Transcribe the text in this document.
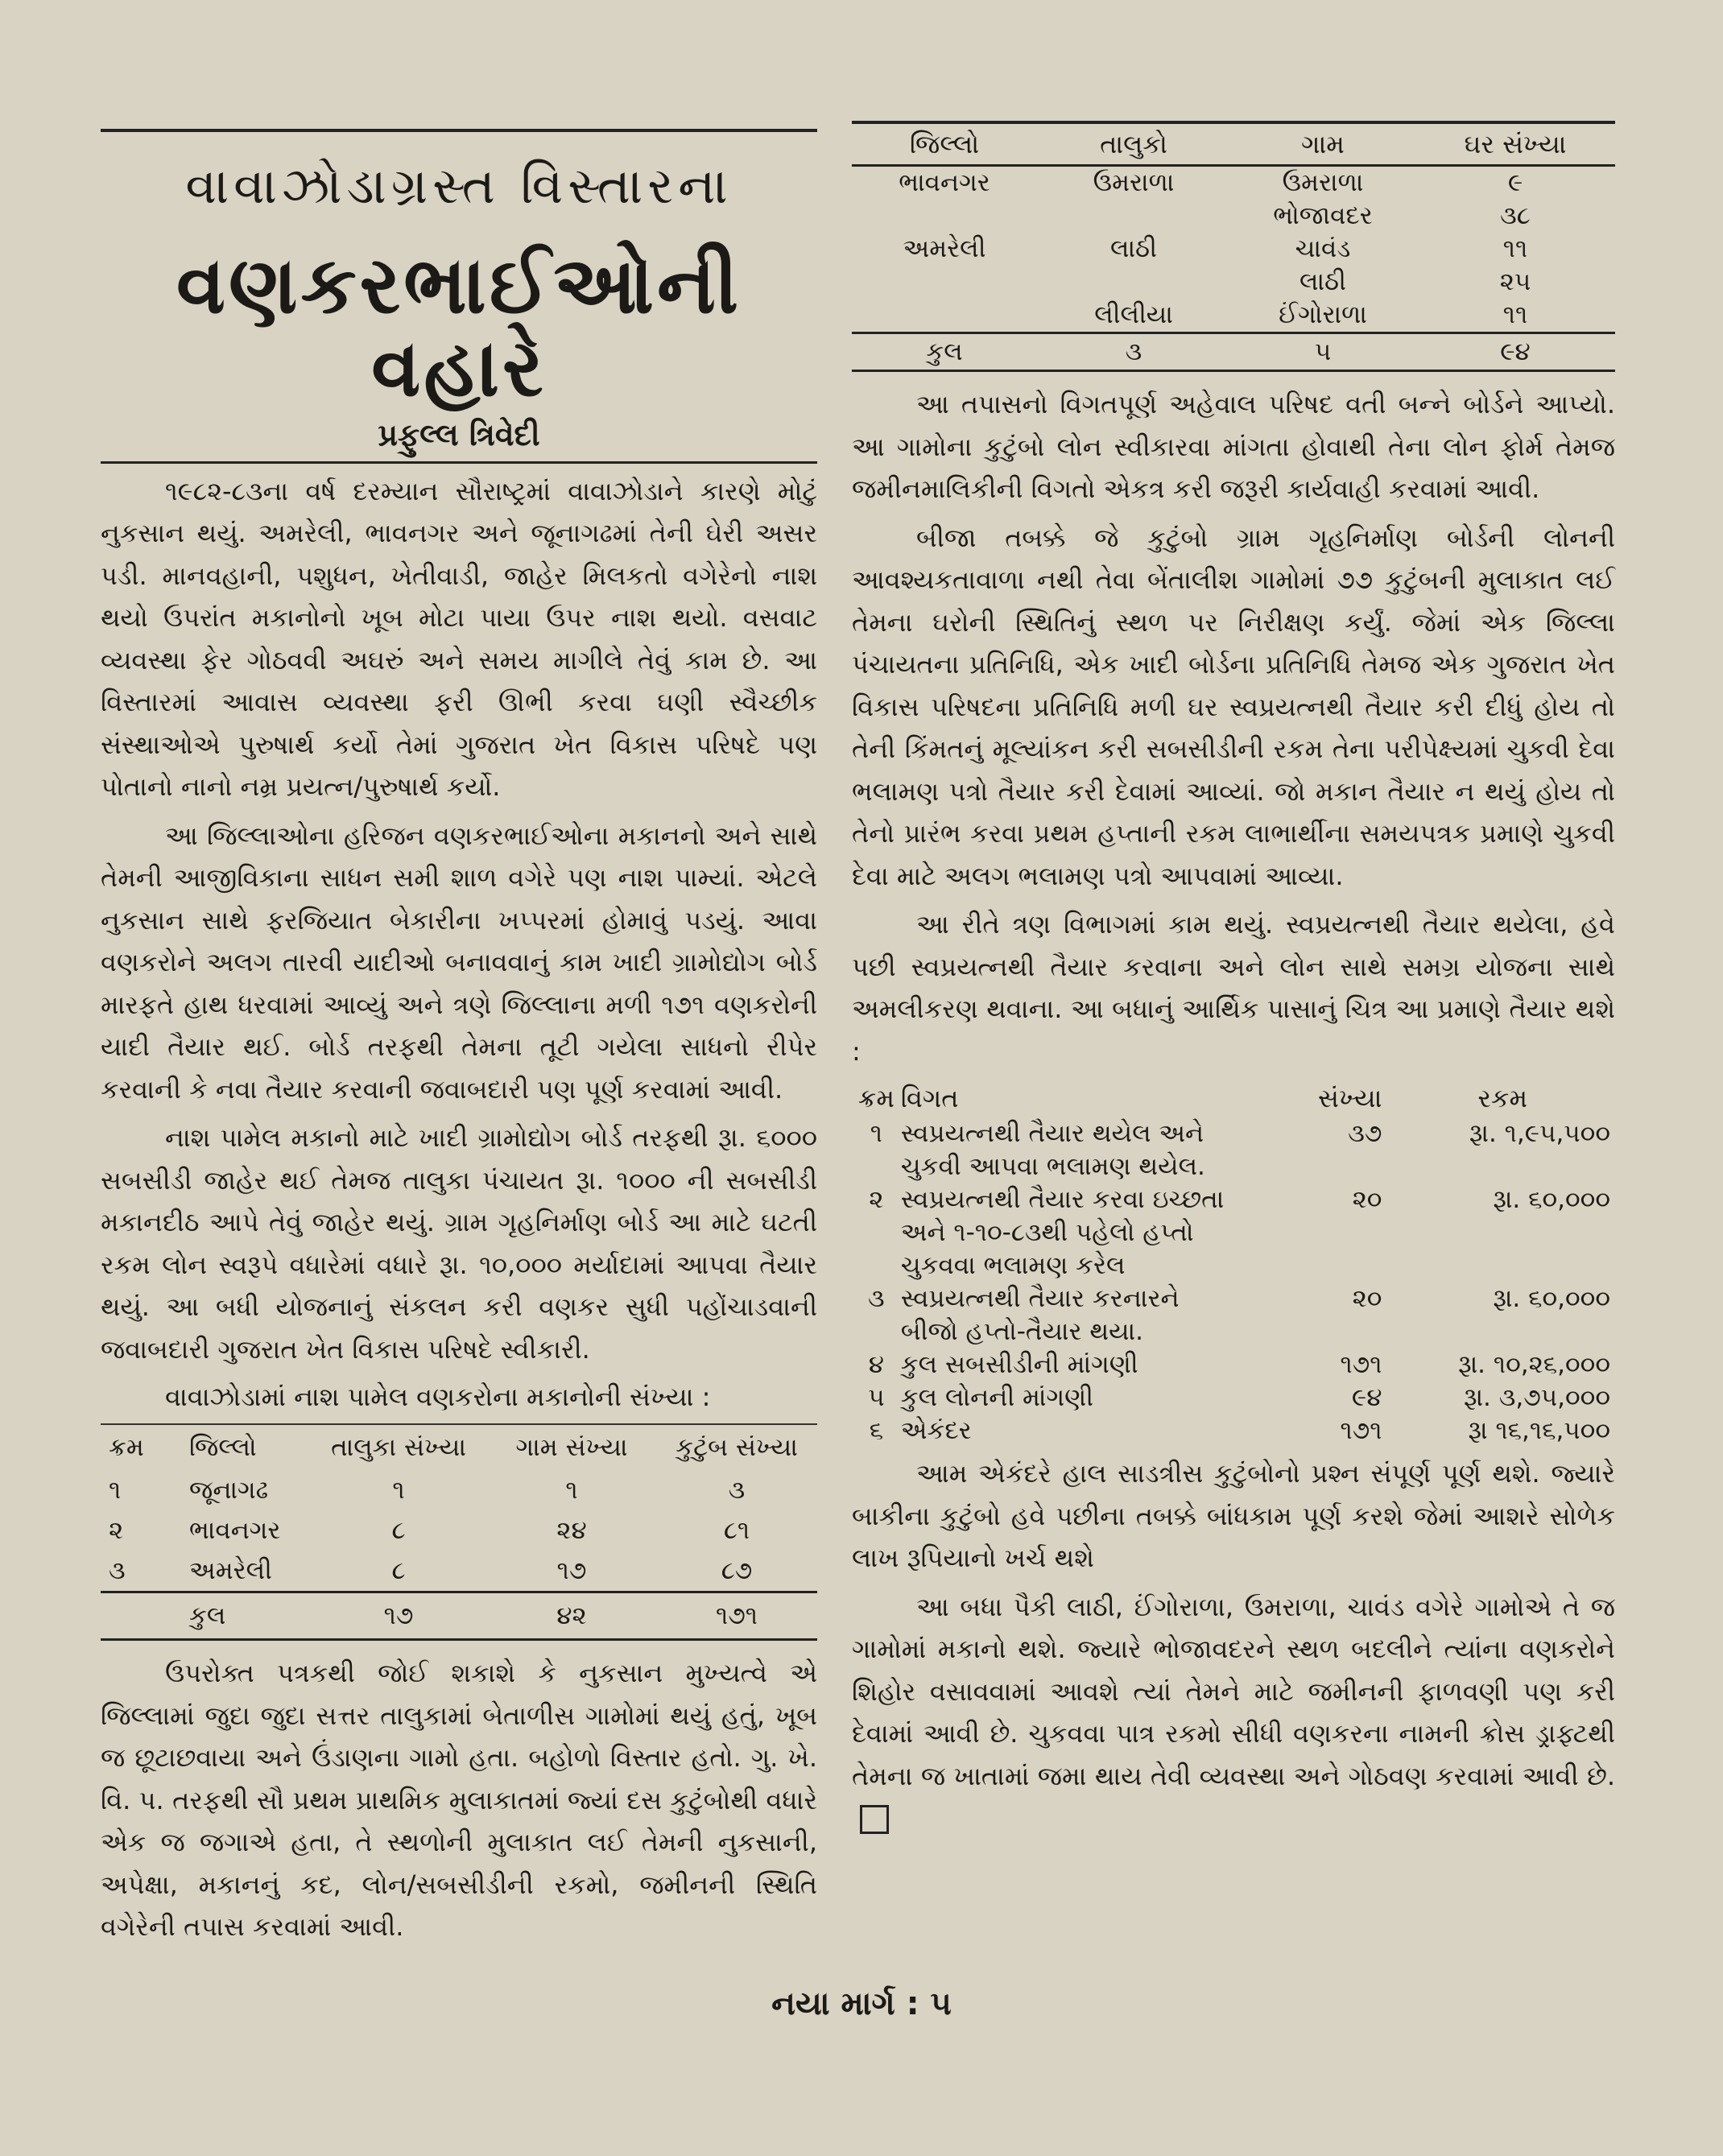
વાવાઝોડાગ્રસ્ત વિસ્તારના
વણકરભાઈઓની વહારે
પ્રફુલ્લ ત્રિવેદી

૧૯૮૨-૮૩ના વર્ષ દરમ્યાન સૌરાષ્ટ્રમાં વાવાઝોડાને કારણે મોટું નુકસાન થયું. અમરેલી, ભાવનગર અને જૂનાગઢમાં તેની ઘેરી અસર પડી. માનવહાની, પશુધન, ખેતીવાડી, જાહેર મિલકતો વગેરેનો નાશ થયો ઉપરાંત મકાનોનો ખૂબ મોટા પાયા ઉપર નાશ થયો. વસવાટ વ્યવસ્થા ફેર ગોઠવવી અઘરું અને સમય માગીલે તેવું કામ છે. આ વિસ્તારમાં આવાસ વ્યવસ્થા ફરી ઊભી કરવા ઘણી સ્વૈચ્છીક સંસ્થાઓએ પુરુષાર્થ કર્યો તેમાં ગુજરાત ખેત વિકાસ પરિષદે પણ પોતાનો નાનો નમ્ર પ્રયત્ન/પુરુષાર્થ કર્યો.

આ જિલ્લાઓના હરિજન વણકરભાઈઓના મકાનનો અને સાથે તેમની આજીવિકાના સાધન સમી શાળ વગેરે પણ નાશ પામ્યાં. એટલે નુકસાન સાથે ફરજિયાત બેકારીના ખપ્પરમાં હોમાવું પડયું. આવા વણકરોને અલગ તારવી યાદીઓ બનાવવાનું કામ ખાદી ગ્રામોદ્યોગ બોર્ડ મારફતે હાથ ધરવામાં આવ્યું અને ત્રણે જિલ્લાના મળી ૧૭૧ વણકરોની યાદી તૈયાર થઈ. બોર્ડ તરફથી તેમના તૂટી ગયેલા સાધનો રીપેર કરવાની કે નવા તૈયાર કરવાની જવાબદારી પણ પૂર્ણ કરવામાં આવી.

નાશ પામેલ મકાનો માટે ખાદી ગ્રામોદ્યોગ બોર્ડ તરફથી રૂા. ૬૦૦૦ સબસીડી જાહેર થઈ તેમજ તાલુકા પંચાયત રૂા. ૧૦૦૦ ની સબસીડી મકાનદીઠ આપે તેવું જાહેર થયું. ગ્રામ ગૃહનિર્માણ બોર્ડ આ માટે ઘટતી રકમ લોન સ્વરૂપે વધારેમાં વધારે રૂા. ૧૦,૦૦૦ મર્યાદામાં આપવા તૈયાર થયું. આ બધી યોજનાનું સંકલન કરી વણકર સુધી પહોંચાડવાની જવાબદારી ગુજરાત ખેત વિકાસ પરિષદે સ્વીકારી.

વાવાઝોડામાં નાશ પામેલ વણકરોના મકાનોની સંખ્યા :
ક્રમ	જિલ્લો	તાલુકા સંખ્યા	ગામ સંખ્યા	કુટુંબ સંખ્યા
૧	જૂનાગઢ	૧	૧	૩
૨	ભાવનગર	૮	૨૪	૮૧
૩	અમરેલી	૮	૧૭	૮૭
	કુલ	૧૭	૪૨	૧૭૧

ઉપરોક્ત પત્રકથી જોઈ શકાશે કે નુકસાન મુખ્યત્વે એ જિલ્લામાં જુદા જુદા સત્તર તાલુકામાં બેતાળીસ ગામોમાં થયું હતું, ખૂબ જ છૂટાછવાયા અને ઉંડાણના ગામો હતા. બહોળો વિસ્તાર હતો. ગુ. ખે. વિ. પ. તરફથી સૌ પ્રથમ પ્રાથમિક મુલાકાતમાં જ્યાં દસ કુટુંબોથી વધારે એક જ જગાએ હતા, તે સ્થળોની મુલાકાત લઈ તેમની નુકસાની, અપેક્ષા, મકાનનું કદ, લોન/સબસીડીની રકમો, જમીનની સ્થિતિ વગેરેની તપાસ કરવામાં આવી.

જિલ્લો	તાલુકો	ગામ	ઘર સંખ્યા
ભાવનગર	ઉમરાળા	ઉમરાળા	૯
		ભોજાવદર	૩૮
અમરેલી	લાઠી	ચાવંડ	૧૧
		લાઠી	૨૫
	લીલીયા	ઈંગોરાળા	૧૧
કુલ	૩	૫	૯૪

આ તપાસનો વિગતપૂર્ણ અહેવાલ પરિષદ વતી બન્ને બોર્ડને આપ્યો. આ ગામોના કુટુંબો લોન સ્વીકારવા માંગતા હોવાથી તેના લોન ફોર્મ તેમજ જમીનમાલિકીની વિગતો એકત્ર કરી જરૂરી કાર્યવાહી કરવામાં આવી.

બીજા તબક્કે જે કુટુંબો ગ્રામ ગૃહનિર્માણ બોર્ડની લોનની આવશ્યકતાવાળા નથી તેવા બેંતાલીશ ગામોમાં ૭૭ કુટુંબની મુલાકાત લઈ તેમના ઘરોની સ્થિતિનું સ્થળ પર નિરીક્ષણ કર્યું. જેમાં એક જિલ્લા પંચાયતના પ્રતિનિધિ, એક ખાદી બોર્ડના પ્રતિનિધિ તેમજ એક ગુજરાત ખેત વિકાસ પરિષદના પ્રતિનિધિ મળી ઘર સ્વપ્રયત્નથી તૈયાર કરી દીધું હોય તો તેની કિંમતનું મૂલ્યાંકન કરી સબસીડીની રકમ તેના પરીપેક્ષ્યમાં ચુકવી દેવા ભલામણ પત્રો તૈયાર કરી દેવામાં આવ્યાં. જો મકાન તૈયાર ન થયું હોય તો તેનો પ્રારંભ કરવા પ્રથમ હપ્તાની રકમ લાભાર્થીના સમયપત્રક પ્રમાણે ચુકવી દેવા માટે અલગ ભલામણ પત્રો આપવામાં આવ્યા.

આ રીતે ત્રણ વિભાગમાં કામ થયું. સ્વપ્રયત્નથી તૈયાર થયેલા, હવે પછી સ્વપ્રયત્નથી તૈયાર કરવાના અને લોન સાથે સમગ્ર યોજના સાથે અમલીકરણ થવાના. આ બધાનું આર્થિક પાસાનું ચિત્ર આ પ્રમાણે તૈયાર થશે :

ક્રમ	વિગત	સંખ્યા	રકમ
૧	સ્વપ્રયત્નથી તૈયાર થયેલ અને
ચુકવી આપવા ભલામણ થયેલ.	૩૭	રૂા. ૧,૯૫,૫૦૦
૨	સ્વપ્રયત્નથી તૈયાર કરવા ઇચ્છતા
અને ૧-૧૦-૮૩થી પહેલો હપ્તો
ચુકવવા ભલામણ કરેલ	૨૦	રૂા. ૬૦,૦૦૦
૩	સ્વપ્રયત્નથી તૈયાર કરનારને
બીજો હપ્તો-તૈયાર થયા.	૨૦	રૂા. ૬૦,૦૦૦
૪	કુલ સબસીડીની માંગણી	૧૭૧	રૂા. ૧૦,૨૬,૦૦૦
૫	કુલ લોનની માંગણી	૯૪	રૂા. ૩,૭૫,૦૦૦
૬	એકંદર	૧૭૧	રૂા ૧૬,૧૬,૫૦૦

આમ એકંદરે હાલ સાડત્રીસ કુટુંબોનો પ્રશ્ન સંપૂર્ણ પૂર્ણ થશે. જ્યારે બાકીના કુટુંબો હવે પછીના તબક્કે બાંધકામ પૂર્ણ કરશે જેમાં આશરે સોળેક લાખ રૂપિયાનો ખર્ચ થશે

આ બધા પૈકી લાઠી, ઈંગોરાળા, ઉમરાળા, ચાવંડ વગેરે ગામોએ તે જ ગામોમાં મકાનો થશે. જ્યારે ભોજાવદરને સ્થળ બદલીને ત્યાંના વણકરોને શિહોર વસાવવામાં આવશે ત્યાં તેમને માટે જમીનની ફાળવણી પણ કરી દેવામાં આવી છે. ચુકવવા પાત્ર રકમો સીધી વણકરના નામની ક્રોસ ડ્રાફ્ટથી તેમના જ ખાતામાં જમા થાય તેવી વ્યવસ્થા અને ગોઠવણ કરવામાં આવી છે.

નયા માર્ગ : ૫
